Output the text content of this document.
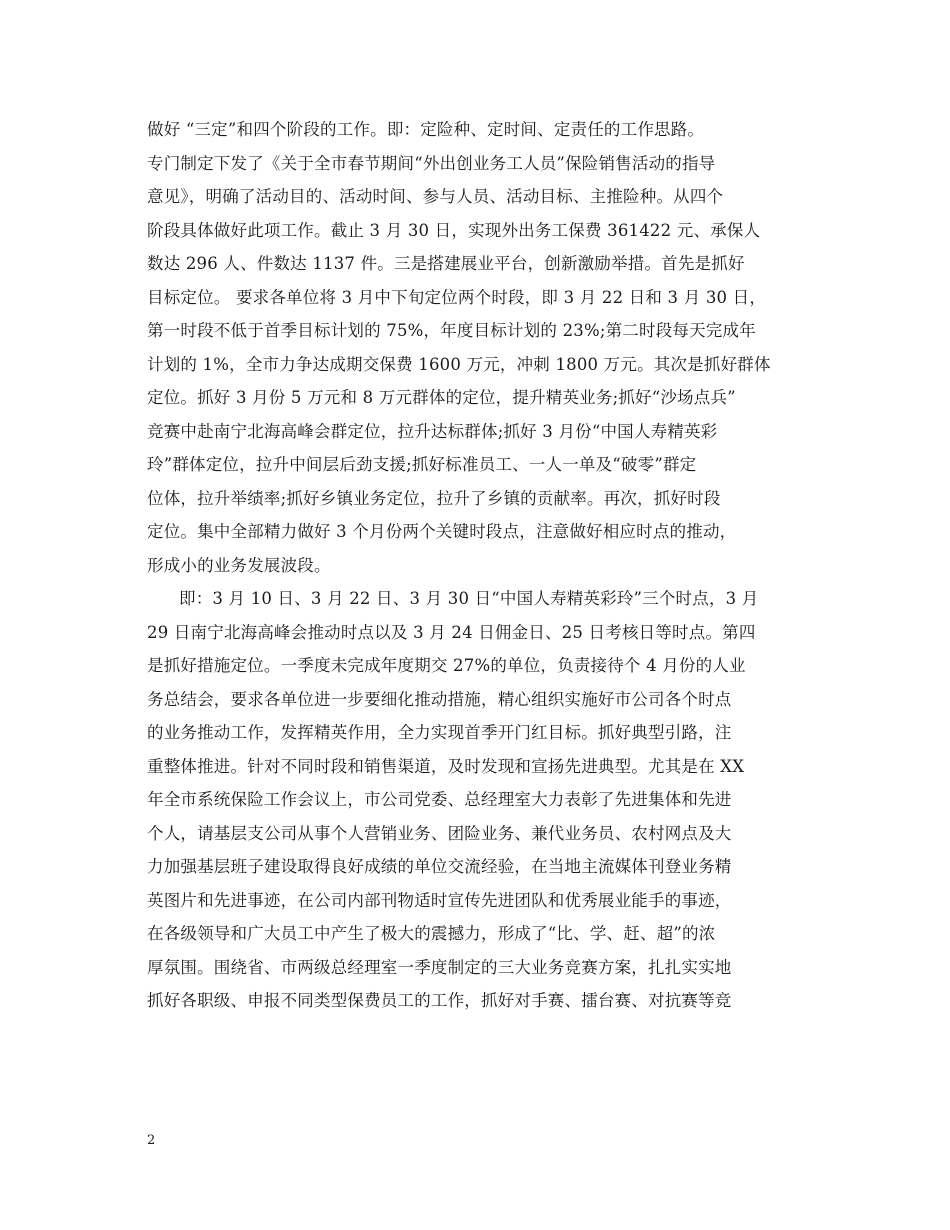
做好 “三定”和四个阶段的工作。即：定险种、定时间、定责任的工作思路。
专门制定下发了《关于全市春节期间“外出创业务工人员”保险销售活动的指导
意见》，明确了活动目的、活动时间、参与人员、活动目标、主推险种。从四个
阶段具体做好此项工作。截止 3 月 30 日，实现外出务工保费 361422 元、承保人
数达 296 人、件数达 1137 件。三是搭建展业平台，创新激励举措。首先是抓好
目标定位。 要求各单位将 3 月中下旬定位两个时段，即 3 月 22 日和 3 月 30 日，
第一时段不低于首季目标计划的 75%，年度目标计划的 23%;第二时段每天完成年
计划的 1%，全市力争达成期交保费 1600 万元，冲刺 1800 万元。其次是抓好群体
定位。抓好 3 月份 5 万元和 8 万元群体的定位，提升精英业务;抓好“沙场点兵”
竞赛中赴南宁北海高峰会群定位，拉升达标群体;抓好 3 月份“中国人寿精英彩
玲”群体定位，拉升中间层后劲支援;抓好标准员工、一人一单及“破零”群定
位体，拉升举绩率;抓好乡镇业务定位，拉升了乡镇的贡献率。再次，抓好时段
定位。集中全部精力做好 3 个月份两个关键时段点，注意做好相应时点的推动，
形成小的业务发展波段。
即：3 月 10 日、3 月 22 日、3 月 30 日“中国人寿精英彩玲”三个时点，3 月
29 日南宁北海高峰会推动时点以及 3 月 24 日佣金日、25 日考核日等时点。第四
是抓好措施定位。一季度未完成年度期交 27%的单位，负责接待个 4 月份的人业
务总结会，要求各单位进一步要细化推动措施，精心组织实施好市公司各个时点
的业务推动工作，发挥精英作用，全力实现首季开门红目标。抓好典型引路，注
重整体推进。针对不同时段和销售渠道，及时发现和宣扬先进典型。尤其是在 XX
年全市系统保险工作会议上，市公司党委、总经理室大力表彰了先进集体和先进
个人，请基层支公司从事个人营销业务、团险业务、兼代业务员、农村网点及大
力加强基层班子建设取得良好成绩的单位交流经验，在当地主流媒体刊登业务精
英图片和先进事迹，在公司内部刊物适时宣传先进团队和优秀展业能手的事迹，
在各级领导和广大员工中产生了极大的震撼力，形成了“比、学、赶、超”的浓
厚氛围。围绕省、市两级总经理室一季度制定的三大业务竞赛方案，扎扎实实地
抓好各职级、申报不同类型保费员工的工作，抓好对手赛、擂台赛、对抗赛等竞
2
